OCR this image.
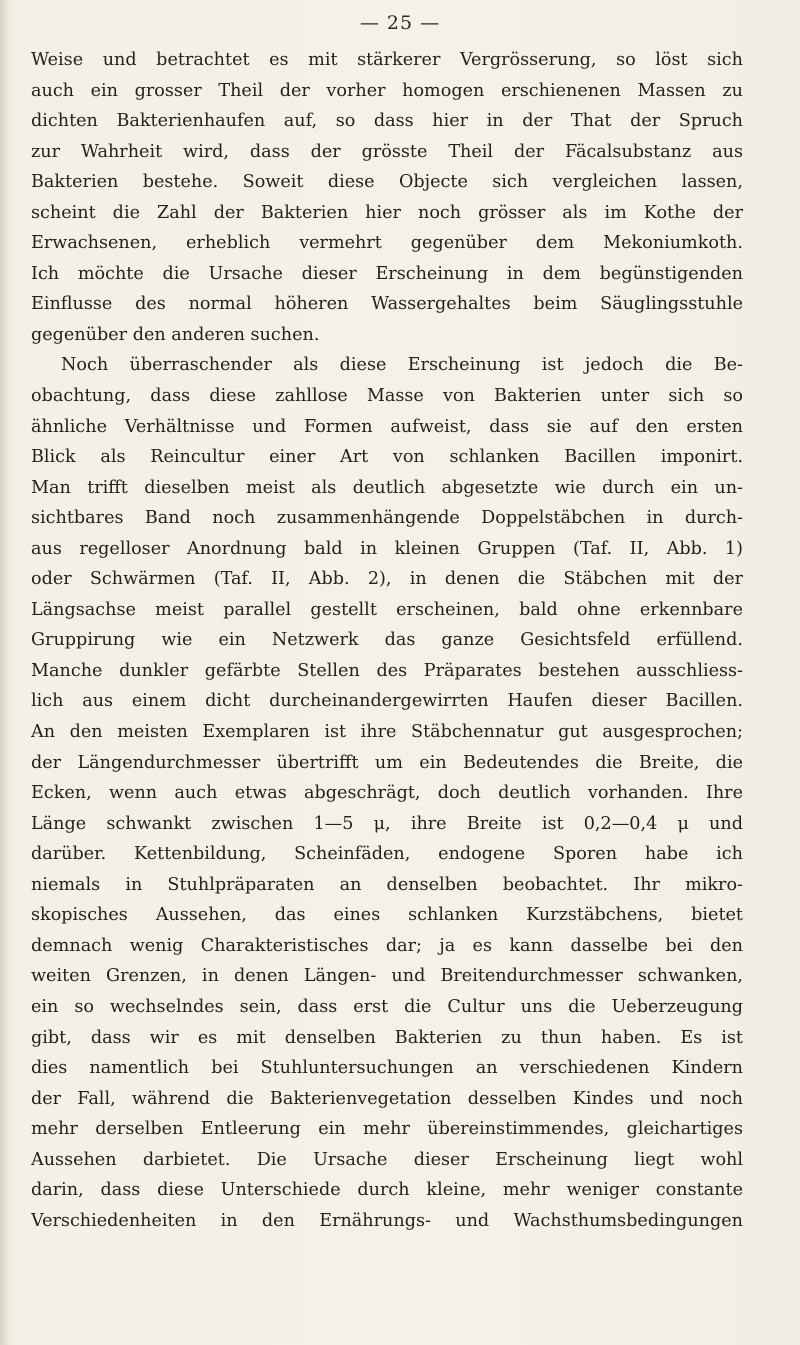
— 25 —
Weise und betrachtet es mit stärkerer Vergrösserung, so löst sich
auch ein grosser Theil der vorher homogen erschienenen Massen zu
dichten Bakterienhaufen auf, so dass hier in der That der Spruch
zur Wahrheit wird, dass der grösste Theil der Fäcalsubstanz aus
Bakterien bestehe. Soweit diese Objecte sich vergleichen lassen,
scheint die Zahl der Bakterien hier noch grösser als im Kothe der
Erwachsenen, erheblich vermehrt gegenüber dem Mekoniumkoth.
Ich möchte die Ursache dieser Erscheinung in dem begünstigenden
Einflusse des normal höheren Wassergehaltes beim Säuglingsstuhle
gegenüber den anderen suchen.
Noch überraschender als diese Erscheinung ist jedoch die Be-
obachtung, dass diese zahllose Masse von Bakterien unter sich so
ähnliche Verhältnisse und Formen aufweist, dass sie auf den ersten
Blick als Reincultur einer Art von schlanken Bacillen imponirt.
Man trifft dieselben meist als deutlich abgesetzte wie durch ein un-
sichtbares Band noch zusammenhängende Doppelstäbchen in durch-
aus regelloser Anordnung bald in kleinen Gruppen (Taf. II, Abb. 1)
oder Schwärmen (Taf. II, Abb. 2), in denen die Stäbchen mit der
Längsachse meist parallel gestellt erscheinen, bald ohne erkennbare
Gruppirung wie ein Netzwerk das ganze Gesichtsfeld erfüllend.
Manche dunkler gefärbte Stellen des Präparates bestehen ausschliess-
lich aus einem dicht durcheinandergewirrten Haufen dieser Bacillen.
An den meisten Exemplaren ist ihre Stäbchennatur gut ausgesprochen;
der Längendurchmesser übertrifft um ein Bedeutendes die Breite, die
Ecken, wenn auch etwas abgeschrägt, doch deutlich vorhanden. Ihre
Länge schwankt zwischen 1—5 μ, ihre Breite ist 0,2—0,4 μ und
darüber. Kettenbildung, Scheinfäden, endogene Sporen habe ich
niemals in Stuhlpräparaten an denselben beobachtet. Ihr mikro-
skopisches Aussehen, das eines schlanken Kurzstäbchens, bietet
demnach wenig Charakteristisches dar; ja es kann dasselbe bei den
weiten Grenzen, in denen Längen- und Breitendurchmesser schwanken,
ein so wechselndes sein, dass erst die Cultur uns die Ueberzeugung
gibt, dass wir es mit denselben Bakterien zu thun haben. Es ist
dies namentlich bei Stuhluntersuchungen an verschiedenen Kindern
der Fall, während die Bakterienvegetation desselben Kindes und noch
mehr derselben Entleerung ein mehr übereinstimmendes, gleichartiges
Aussehen darbietet. Die Ursache dieser Erscheinung liegt wohl
darin, dass diese Unterschiede durch kleine, mehr weniger constante
Verschiedenheiten in den Ernährungs- und Wachsthumsbedingungen
